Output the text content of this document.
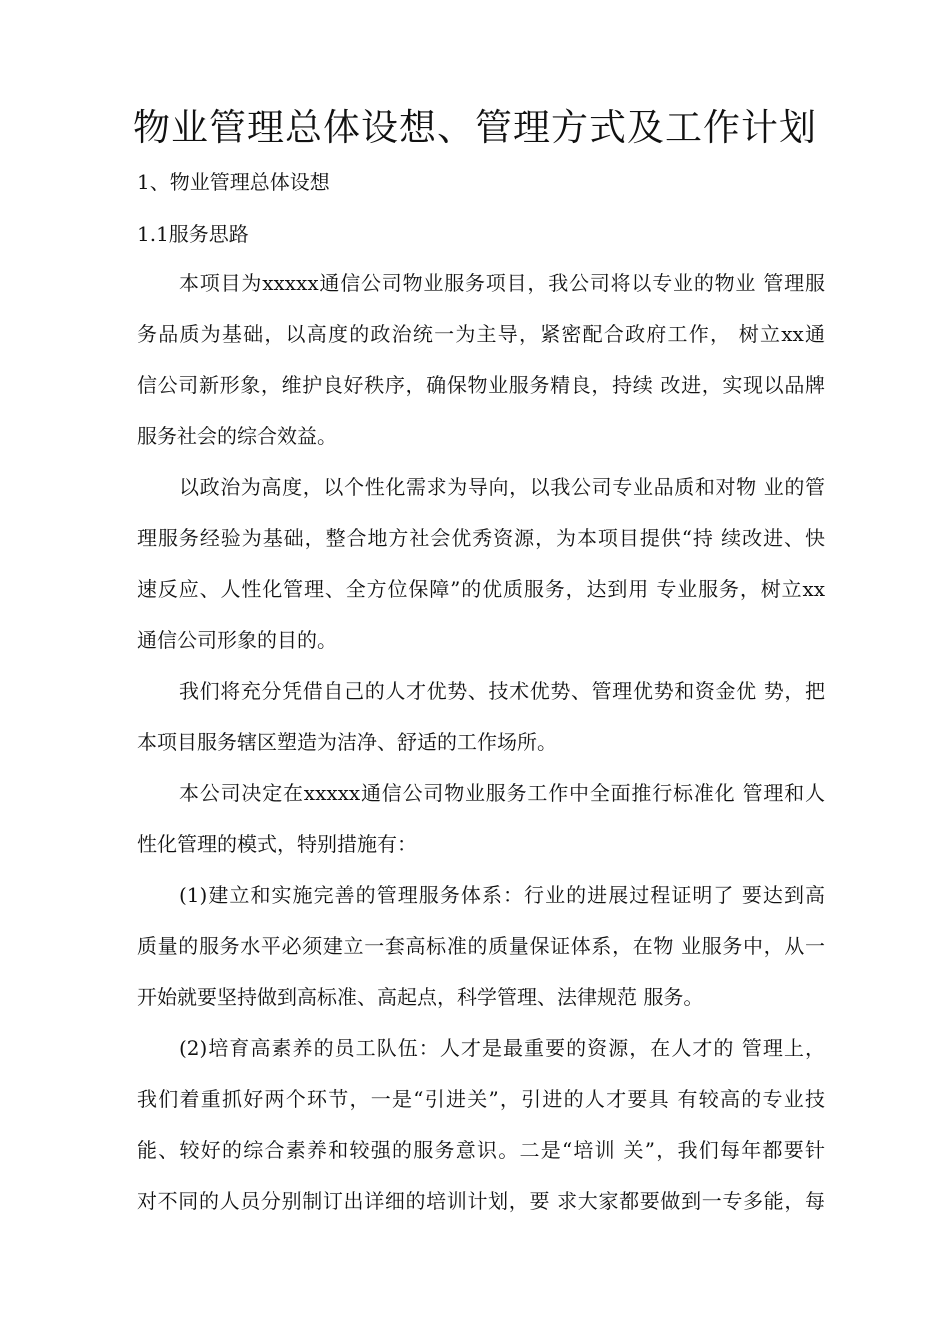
物业管理总体设想、管理方式及工作计划
1、物业管理总体设想
1.1服务思路
本项目为xxxxx通信公司物业服务项目，我公司将以专业的物业 管理服
务品质为基础，以高度的政治统一为主导，紧密配合政府工作， 树立xx通
信公司新形象，维护良好秩序，确保物业服务精良，持续 改进，实现以品牌
服务社会的综合效益。
以政治为高度，以个性化需求为导向，以我公司专业品质和对物 业的管
理服务经验为基础，整合地方社会优秀资源，为本项目提供“持 续改进、快
速反应、人性化管理、全方位保障”的优质服务，达到用 专业服务，树立xx
通信公司形象的目的。
我们将充分凭借自己的人才优势、技术优势、管理优势和资金优 势，把
本项目服务辖区塑造为洁净、舒适的工作场所。
本公司决定在xxxxx通信公司物业服务工作中全面推行标准化 管理和人
性化管理的模式，特别措施有：
(1)建立和实施完善的管理服务体系：行业的进展过程证明了 要达到高
质量的服务水平必须建立一套高标准的质量保证体系，在物 业服务中，从一
开始就要坚持做到高标准、高起点，科学管理、法律规范 服务。
(2)培育高素养的员工队伍：人才是最重要的资源，在人才的 管理上，
我们着重抓好两个环节，一是“引进关”，引进的人才要具 有较高的专业技
能、较好的综合素养和较强的服务意识。二是“培训 关”，我们每年都要针
对不同的人员分别制订出详细的培训计划，要 求大家都要做到一专多能，每
